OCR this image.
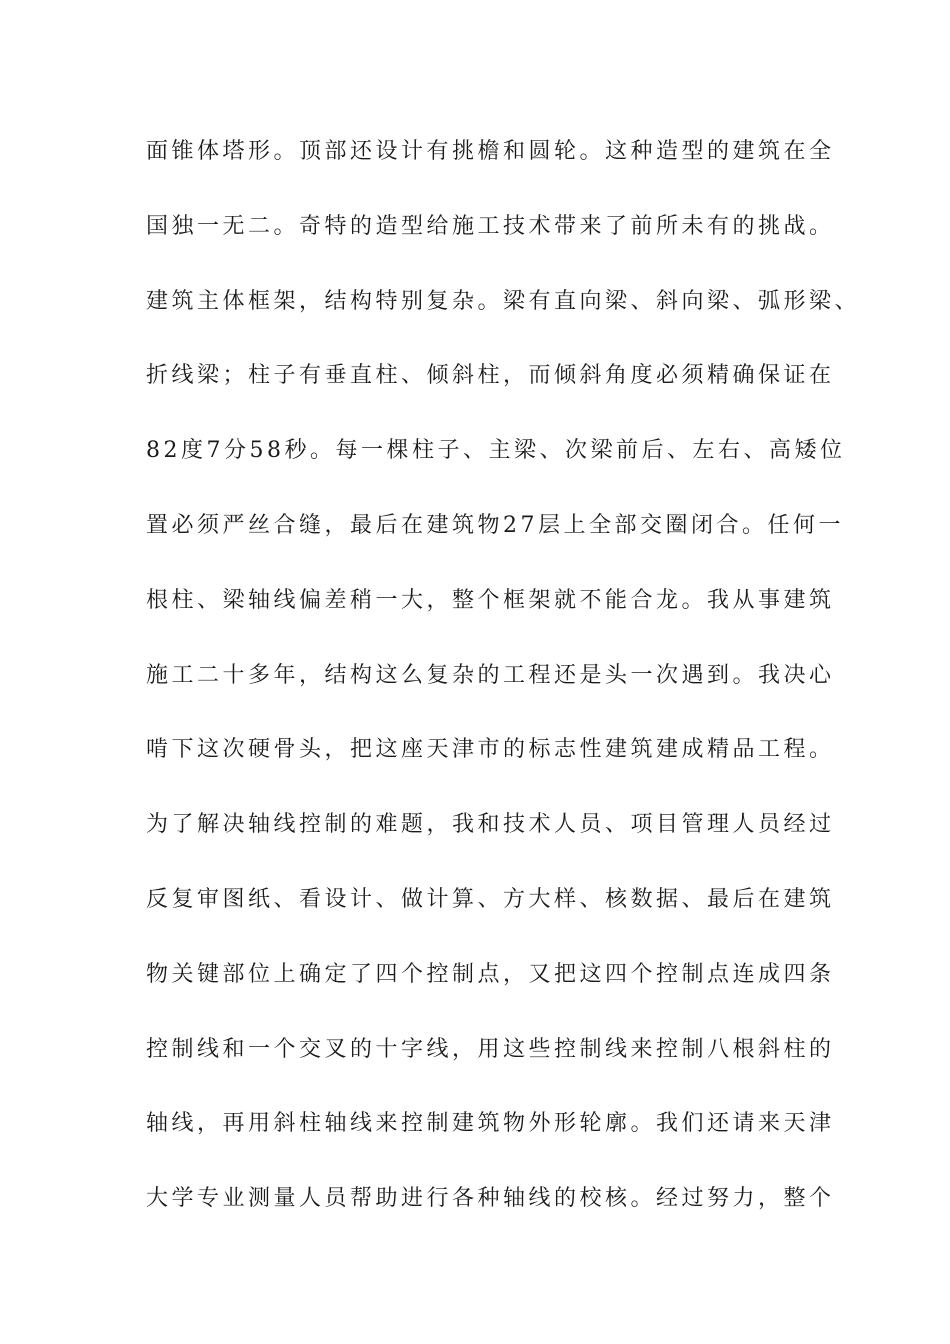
面锥体塔形。顶部还设计有挑檐和圆轮。这种造型的建筑在全
国独一无二。奇特的造型给施工技术带来了前所未有的挑战。
建筑主体框架，结构特别复杂。梁有直向梁、斜向梁、弧形梁、
折线梁；柱子有垂直柱、倾斜柱，而倾斜角度必须精确保证在
82度7分58秒。每一棵柱子、主梁、次梁前后、左右、高矮位
置必须严丝合缝，最后在建筑物27层上全部交圈闭合。任何一
根柱、梁轴线偏差稍一大，整个框架就不能合龙。我从事建筑
施工二十多年，结构这么复杂的工程还是头一次遇到。我决心
啃下这次硬骨头，把这座天津市的标志性建筑建成精品工程。
为了解决轴线控制的难题，我和技术人员、项目管理人员经过
反复审图纸、看设计、做计算、方大样、核数据、最后在建筑
物关键部位上确定了四个控制点，又把这四个控制点连成四条
控制线和一个交叉的十字线，用这些控制线来控制八根斜柱的
轴线，再用斜柱轴线来控制建筑物外形轮廓。我们还请来天津
大学专业测量人员帮助进行各种轴线的校核。经过努力，整个
